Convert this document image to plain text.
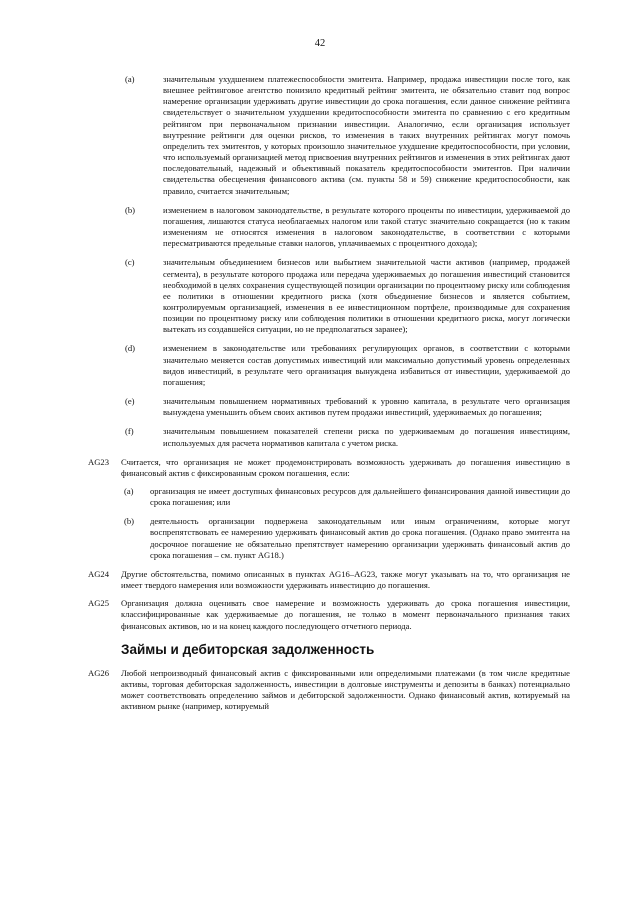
42
(a)	значительным ухудшением платежеспособности эмитента. Например, продажа инвестиции после того, как внешнее рейтинговое агентство понизило кредитный рейтинг эмитента, не обязательно ставит под вопрос намерение организации удерживать другие инвестиции до срока погашения, если данное снижение рейтинга свидетельствует о значительном ухудшении кредитоспособности эмитента по сравнению с его кредитным рейтингом при первоначальном признании инвестиции. Аналогично, если организация использует внутренние рейтинги для оценки рисков, то изменения в таких внутренних рейтингах могут помочь определить тех эмитентов, у которых произошло значительное ухудшение кредитоспособности, при условии, что используемый организацией метод присвоения внутренних рейтингов и изменения в этих рейтингах дают последовательный, надежный и объективный показатель кредитоспособности эмитентов. При наличии свидетельства обесценения финансового актива (см. пункты 58 и 59) снижение кредитоспособности, как правило, считается значительным;
(b)	изменением в налоговом законодательстве, в результате которого проценты по инвестиции, удерживаемой до погашения, лишаются статуса необлагаемых налогом или такой статус значительно сокращается (но к таким изменениям не относятся изменения в налоговом законодательстве, в соответствии с которыми пересматриваются предельные ставки налогов, уплачиваемых с процентного дохода);
(c)	значительным объединением бизнесов или выбытием значительной части активов (например, продажей сегмента), в результате которого продажа или передача удерживаемых до погашения инвестиций становится необходимой в целях сохранения существующей позиции организации по процентному риску или соблюдения ее политики в отношении кредитного риска (хотя объединение бизнесов и является событием, контролируемым организацией, изменения в ее инвестиционном портфеле, производимые для сохранения позиции по процентному риску или соблюдения политики в отношении кредитного риска, могут логически вытекать из создавшейся ситуации, но не предполагаться заранее);
(d)	изменением в законодательстве или требованиях регулирующих органов, в соответствии с которыми значительно меняется состав допустимых инвестиций или максимально допустимый уровень определенных видов инвестиций, в результате чего организация вынуждена избавиться от инвестиции, удерживаемой до погашения;
(e)	значительным повышением нормативных требований к уровню капитала, в результате чего организация вынуждена уменьшить объем своих активов путем продажи инвестиций, удерживаемых до погашения;
(f)	значительным повышением показателей степени риска по удерживаемым до погашения инвестициям, используемых для расчета нормативов капитала с учетом риска.
AG23 Считается, что организация не может продемонстрировать возможность удерживать до погашения инвестицию в финансовый актив с фиксированным сроком погашения, если:
(a) организация не имеет доступных финансовых ресурсов для дальнейшего финансирования данной инвестиции до срока погашения; или
(b) деятельность организации подвержена законодательным или иным ограничениям, которые могут воспрепятствовать ее намерению удерживать финансовый актив до срока погашения. (Однако право эмитента на досрочное погашение не обязательно препятствует намерению организации удерживать финансовый актив до срока погашения – см. пункт AG18.)
AG24 Другие обстоятельства, помимо описанных в пунктах AG16–AG23, также могут указывать на то, что организация не имеет твердого намерения или возможности удерживать инвестицию до погашения.
AG25 Организация должна оценивать свое намерение и возможность удерживать до срока погашения инвестиции, классифицированные как удерживаемые до погашения, не только в момент первоначального признания таких финансовых активов, но и на конец каждого последующего отчетного периода.
Займы и дебиторская задолженность
AG26 Любой непроизводный финансовый актив с фиксированными или определимыми платежами (в том числе кредитные активы, торговая дебиторская задолженность, инвестиции в долговые инструменты и депозиты в банках) потенциально может соответствовать определению займов и дебиторской задолженности. Однако финансовый актив, котируемый на активном рынке (например, котируемый
